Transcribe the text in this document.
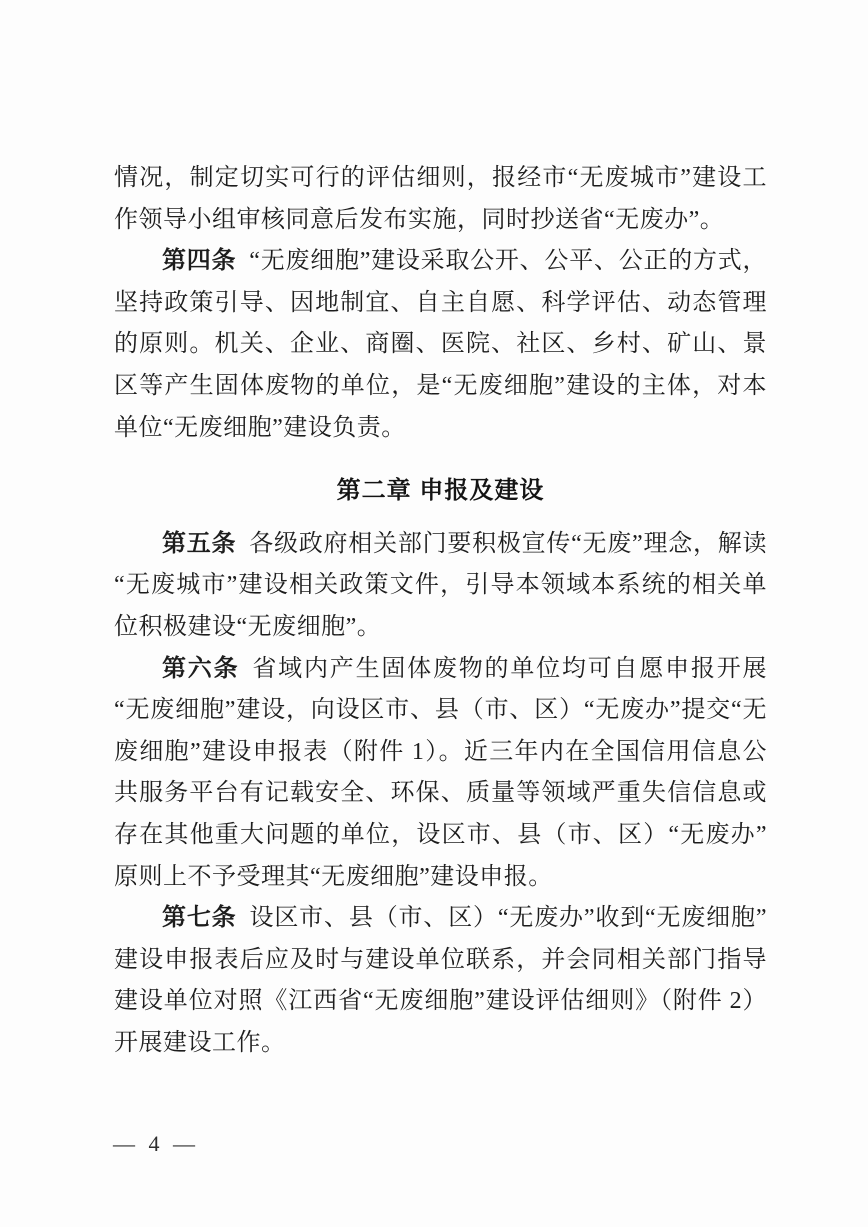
情况，制定切实可行的评估细则，报经市“无废城市”建设工作领导小组审核同意后发布实施，同时抄送省“无废办”。

第四条 “无废细胞”建设采取公开、公平、公正的方式，坚持政策引导、因地制宜、自主自愿、科学评估、动态管理的原则。机关、企业、商圈、医院、社区、乡村、矿山、景区等产生固体废物的单位，是“无废细胞”建设的主体，对本单位“无废细胞”建设负责。

第二章 申报及建设

第五条 各级政府相关部门要积极宣传“无废”理念，解读“无废城市”建设相关政策文件，引导本领域本系统的相关单位积极建设“无废细胞”。

第六条 省域内产生固体废物的单位均可自愿申报开展“无废细胞”建设，向设区市、县（市、区）“无废办”提交“无废细胞”建设申报表（附件 1）。近三年内在全国信用信息公共服务平台有记载安全、环保、质量等领域严重失信信息或存在其他重大问题的单位，设区市、县（市、区）“无废办”原则上不予受理其“无废细胞”建设申报。

第七条 设区市、县（市、区）“无废办”收到“无废细胞”建设申报表后应及时与建设单位联系，并会同相关部门指导建设单位对照《江西省“无废细胞”建设评估细则》（附件 2）开展建设工作。

— 4 —
